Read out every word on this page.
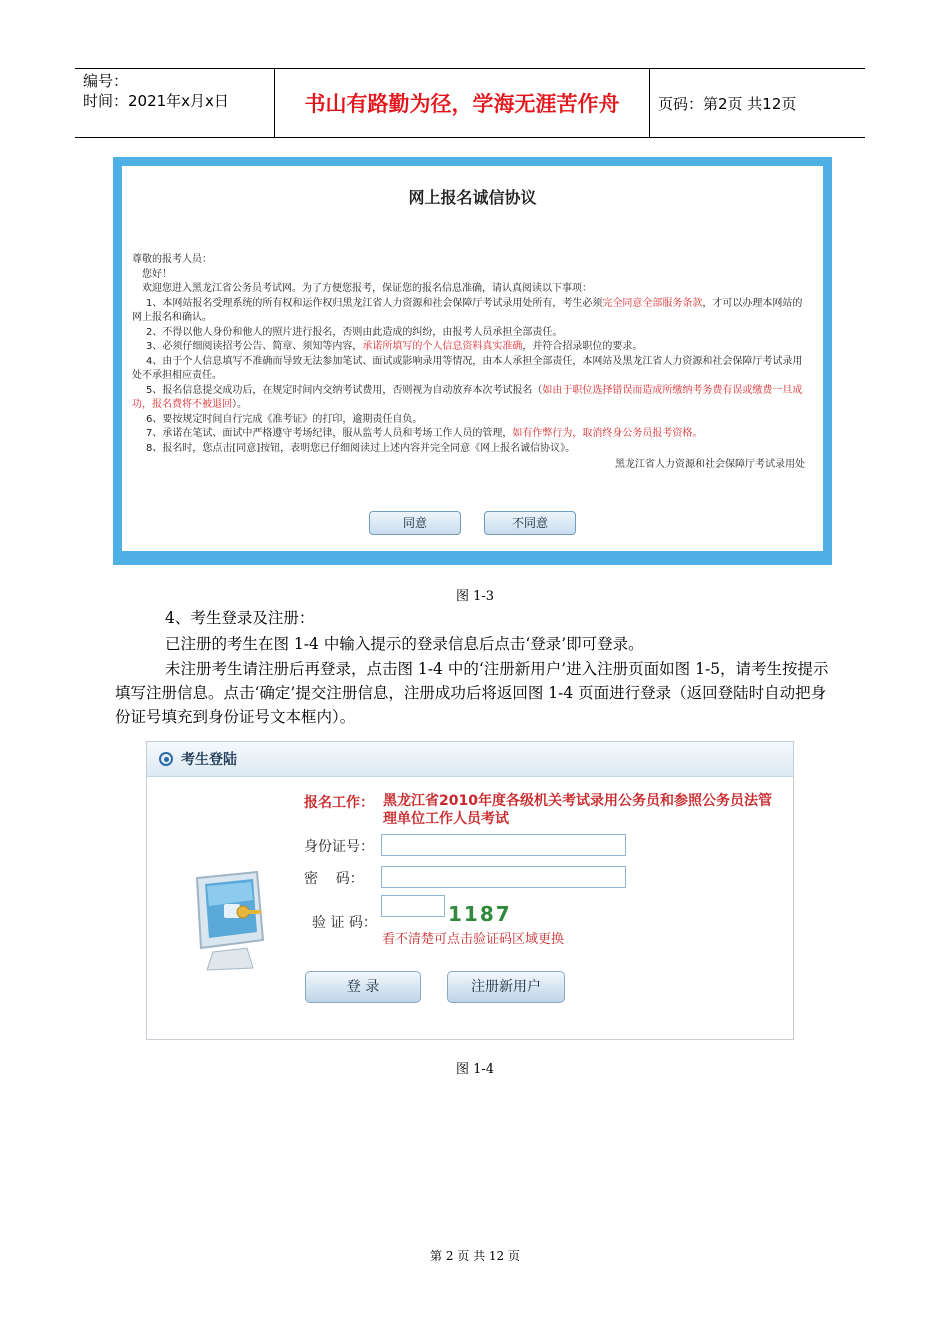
编号：
时间：2021年x月x日	书山有路勤为径，学海无涯苦作舟	页码：第2页 共12页
网上报名诚信协议

尊敬的报考人员：

您好！

欢迎您进入黑龙江省公务员考试网。为了方便您报考，保证您的报名信息准确，请认真阅读以下事项：

1、本网站报名受理系统的所有权和运作权归黑龙江省人力资源和社会保障厅考试录用处所有，考生必须完全同意全部服务条款，才可以办理本网站的网上报名和确认。

2、不得以他人身份和他人的照片进行报名，否则由此造成的纠纷，由报考人员承担全部责任。

3、必须仔细阅读招考公告、简章、须知等内容，承诺所填写的个人信息资料真实准确，并符合招录职位的要求。

4、由于个人信息填写不准确而导致无法参加笔试、面试或影响录用等情况，由本人承担全部责任，本网站及黑龙江省人力资源和社会保障厅考试录用处不承担相应责任。

5、报名信息提交成功后，在规定时间内交纳考试费用，否则视为自动放弃本次考试报名（如由于职位选择错误而造成所缴纳考务费有误或缴费一旦成功，报名费将不被退回）。

6、要按规定时间自行完成《准考证》的打印，逾期责任自负。

7、承诺在笔试、面试中严格遵守考场纪律，服从监考人员和考场工作人员的管理，如有作弊行为，取消终身公务员报考资格。

8、报名时，您点击[同意]按钮，表明您已仔细阅读过上述内容并完全同意《网上报名诚信协议》。

黑龙江省人力资源和社会保障厅考试录用处
同意	不同意
图 1-3
4、考生登录及注册：
已注册的考生在图 1-4 中输入提示的登录信息后点击‘登录’即可登录。
未注册考生请注册后再登录，点击图 1-4 中的‘注册新用户’进入注册页面如图 1-5，请考生按提示填写注册信息。点击‘确定’提交注册信息，注册成功后将返回图 1-4 页面进行登录（返回登陆时自动把身份证号填充到身份证号文本框内）。
考生登陆
报名工作： 黑龙江省2010年度各级机关考试录用公务员和参照公务员法管理单位工作人员考试
身份证号：
密    码：
验 证 码：	1187
看不清楚可点击验证码区域更换
登 录	注册新用户
图 1-4
第 2 页 共 12 页
